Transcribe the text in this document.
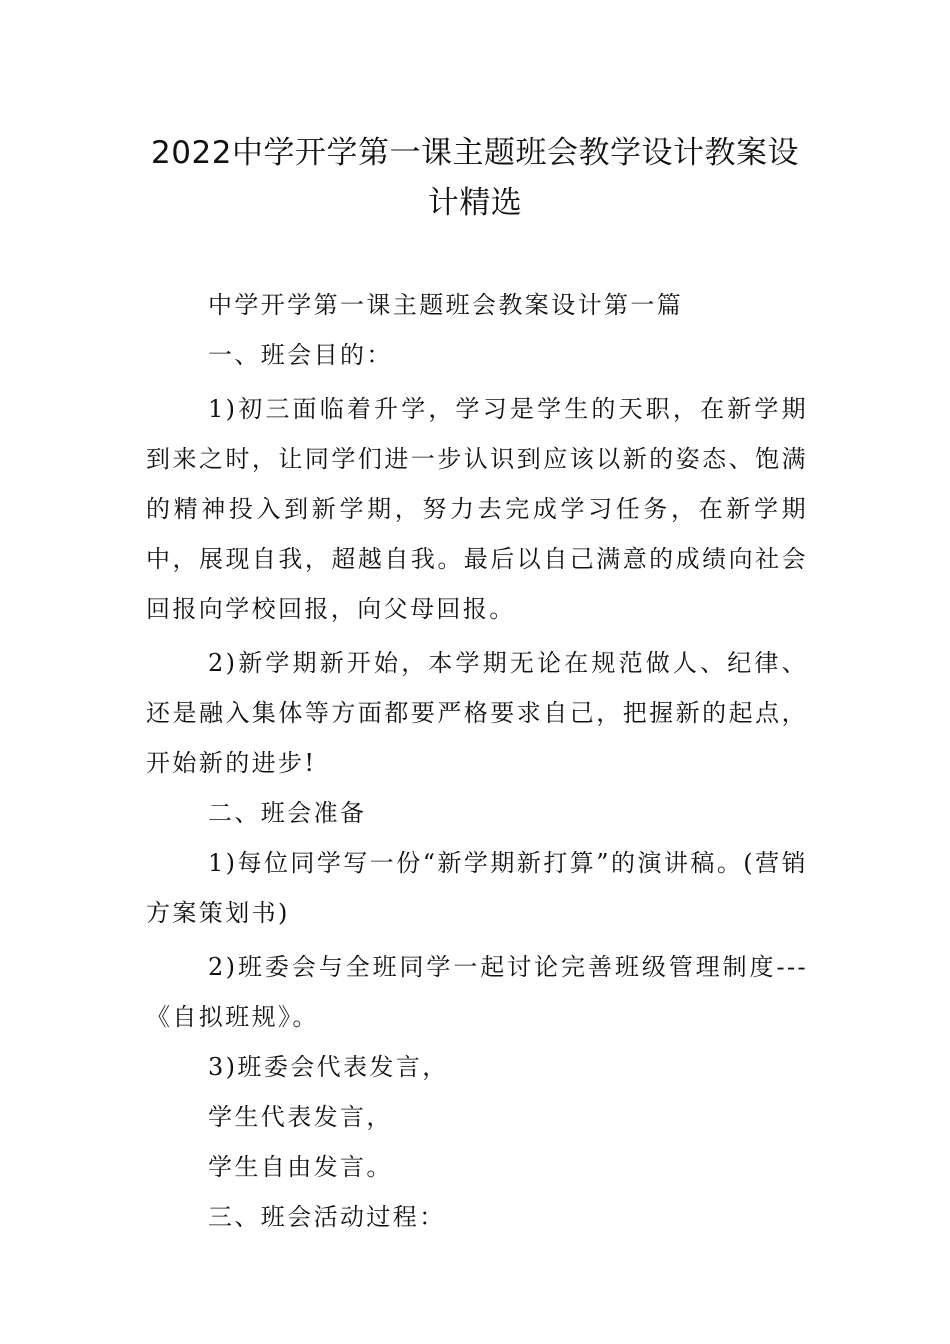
2022中学开学第一课主题班会教学设计教案设计精选

中学开学第一课主题班会教案设计第一篇

一、班会目的：

1)初三面临着升学，学习是学生的天职，在新学期到来之时，让同学们进一步认识到应该以新的姿态、饱满的精神投入到新学期，努力去完成学习任务，在新学期中，展现自我，超越自我。最后以自己满意的成绩向社会回报向学校回报，向父母回报。

2)新学期新开始，本学期无论在规范做人、纪律、还是融入集体等方面都要严格要求自己，把握新的起点，开始新的进步!

二、班会准备

1)每位同学写一份“新学期新打算”的演讲稿。(营销方案策划书)

2)班委会与全班同学一起讨论完善班级管理制度---《自拟班规》。

3)班委会代表发言，

学生代表发言，

学生自由发言。

三、班会活动过程：
